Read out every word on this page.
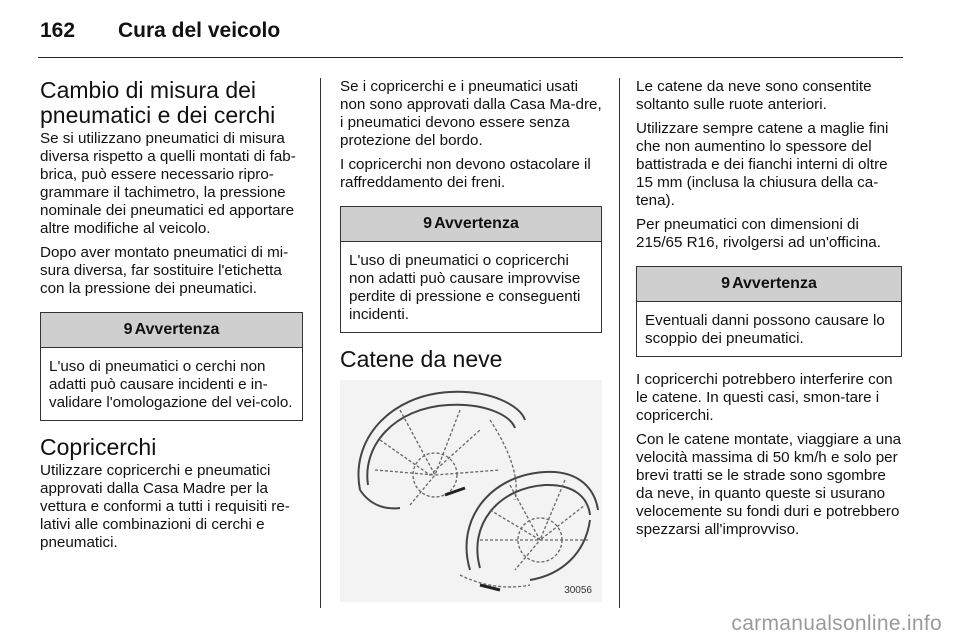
162 Cura del veicolo
Cambio di misura dei pneumatici e dei cerchi

Se si utilizzano pneumatici di misura diversa rispetto a quelli montati di fab-brica, può essere necessario ripro-grammare il tachimetro, la pressione nominale dei pneumatici ed apportare altre modifiche al veicolo.

Dopo aver montato pneumatici di mi-sura diversa, far sostituire l'etichetta con la pressione dei pneumatici.

9 Avvertenza
L'uso di pneumatici o cerchi non adatti può causare incidenti e in-validare l'omologazione del vei-colo.
Copricerchi

Utilizzare copricerchi e pneumatici approvati dalla Casa Madre per la vettura e conformi a tutti i requisiti re-lativi alle combinazioni di cerchi e pneumatici.

Se i copricerchi e i pneumatici usati non sono approvati dalla Casa Ma-dre, i pneumatici devono essere senza protezione del bordo.

I copricerchi non devono ostacolare il raffreddamento dei freni.

9 Avvertenza
L'uso di pneumatici o copricerchi non adatti può causare improvvise perdite di pressione e conseguenti incidenti.
Catene da neve
30056

Le catene da neve sono consentite soltanto sulle ruote anteriori.

Utilizzare sempre catene a maglie fini che non aumentino lo spessore del battistrada e dei fianchi interni di oltre 15 mm (inclusa la chiusura della ca-tena).

Per pneumatici con dimensioni di 215/65 R16, rivolgersi ad un'officina.

9 Avvertenza
Eventuali danni possono causare lo scoppio dei pneumatici.

I copricerchi potrebbero interferire con le catene. In questi casi, smon-tare i copricerchi.

Con le catene montate, viaggiare a una velocità massima di 50 km/h e solo per brevi tratti se le strade sono sgombre da neve, in quanto queste si usurano velocemente su fondi duri e potrebbero spezzarsi all'improvviso.

carmanualsonline.info
